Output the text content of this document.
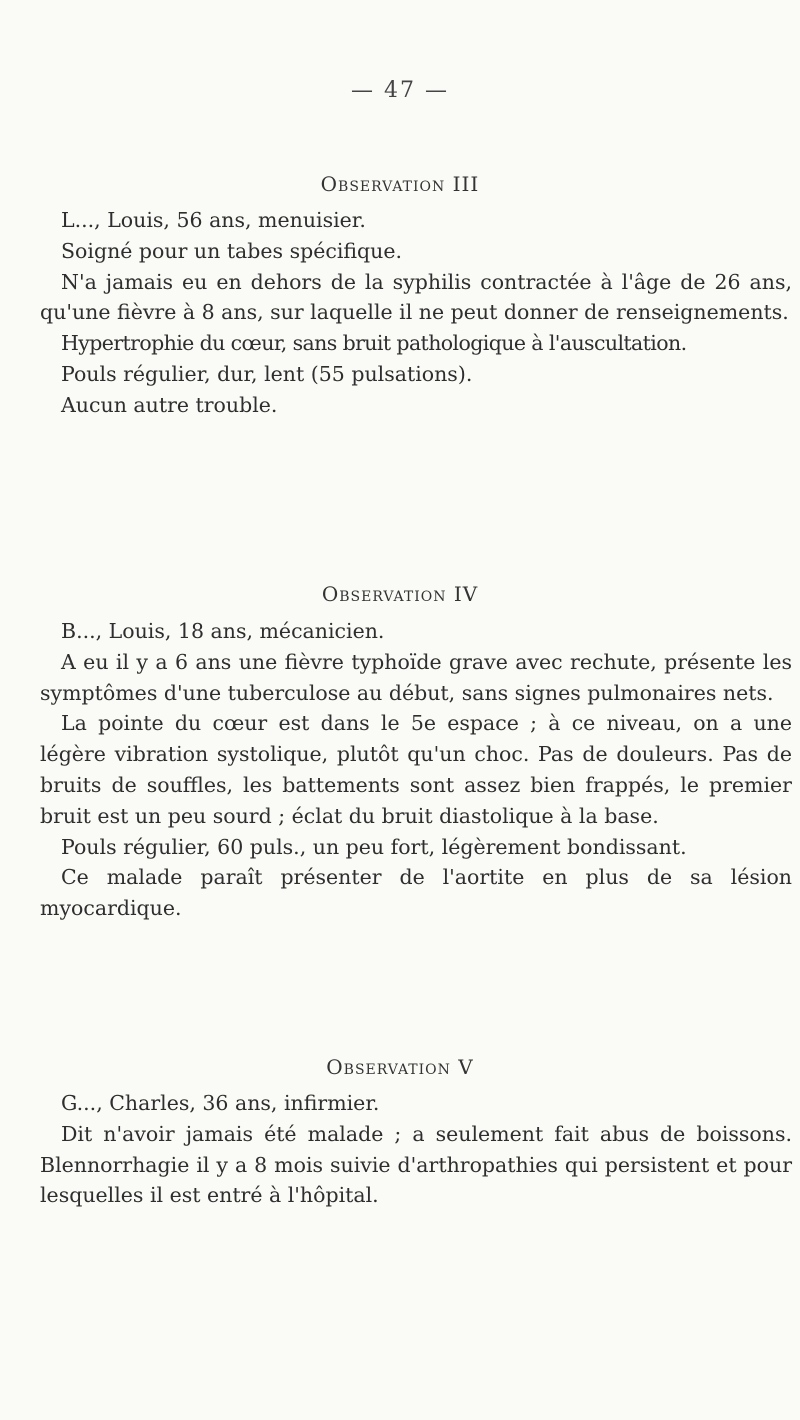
— 47 —
Observation III

L..., Louis, 56 ans, menuisier.

Soigné pour un tabes spécifique.

N'a jamais eu en dehors de la syphilis contractée à l'âge de 26 ans, qu'une fièvre à 8 ans, sur laquelle il ne peut donner de renseignements.

Hypertrophie du cœur, sans bruit pathologique à l'auscultation.

Pouls régulier, dur, lent (55 pulsations).

Aucun autre trouble.

Observation IV

B..., Louis, 18 ans, mécanicien.

A eu il y a 6 ans une fièvre typhoïde grave avec rechute, présente les symptômes d'une tuberculose au début, sans signes pulmonaires nets.

La pointe du cœur est dans le 5e espace ; à ce niveau, on a une légère vibration systolique, plutôt qu'un choc. Pas de douleurs. Pas de bruits de souffles, les battements sont assez bien frappés, le premier bruit est un peu sourd ; éclat du bruit diastolique à la base.

Pouls régulier, 60 puls., un peu fort, légèrement bondissant.

Ce malade paraît présenter de l'aortite en plus de sa lésion myocardique.

Observation V

G..., Charles, 36 ans, infirmier.

Dit n'avoir jamais été malade ; a seulement fait abus de boissons. Blennorrhagie il y a 8 mois suivie d'arthropathies qui persistent et pour lesquelles il est entré à l'hôpital.
